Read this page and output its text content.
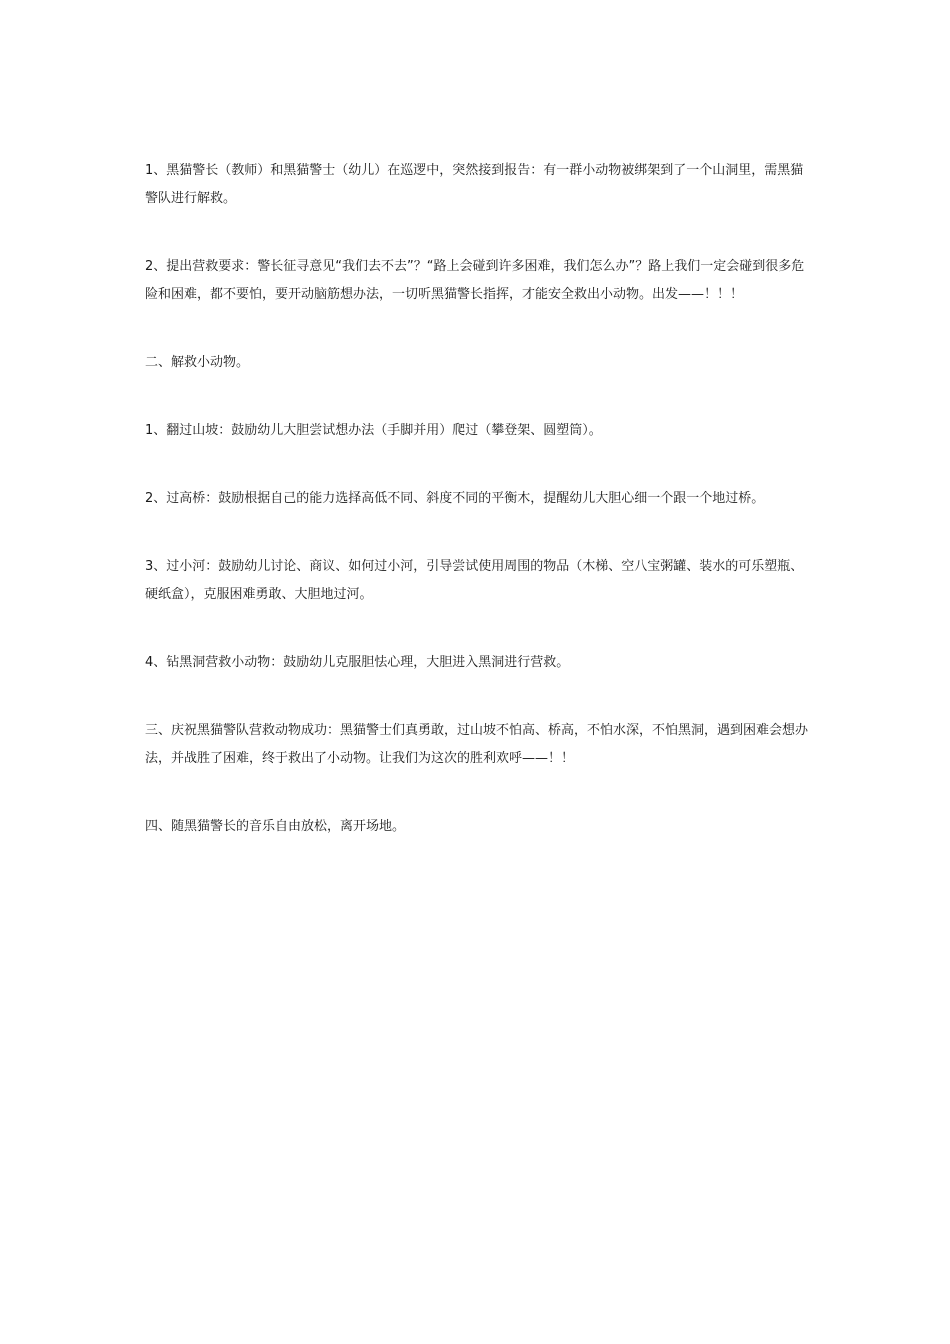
1、黑猫警长（教师）和黑猫警士（幼儿）在巡逻中，突然接到报告：有一群小动物被绑架到了一个山洞里，需黑猫警队进行解救。

2、提出营救要求：警长征寻意见“我们去不去”？“路上会碰到许多困难，我们怎么办”？路上我们一定会碰到很多危险和困难，都不要怕，要开动脑筋想办法，一切听黑猫警长指挥，才能安全救出小动物。出发——！！！

二、解救小动物。

1、翻过山坡：鼓励幼儿大胆尝试想办法（手脚并用）爬过（攀登架、圆塑筒）。

2、过高桥：鼓励根据自己的能力选择高低不同、斜度不同的平衡木，提醒幼儿大胆心细一个跟一个地过桥。

3、过小河：鼓励幼儿讨论、商议、如何过小河，引导尝试使用周围的物品（木梯、空八宝粥罐、装水的可乐塑瓶、硬纸盒），克服困难勇敢、大胆地过河。

4、钻黑洞营救小动物：鼓励幼儿克服胆怯心理，大胆进入黑洞进行营救。

三、庆祝黑猫警队营救动物成功：黑猫警士们真勇敢，过山坡不怕高、桥高，不怕水深，不怕黑洞，遇到困难会想办法，并战胜了困难，终于救出了小动物。让我们为这次的胜利欢呼——！！

四、随黑猫警长的音乐自由放松，离开场地。
